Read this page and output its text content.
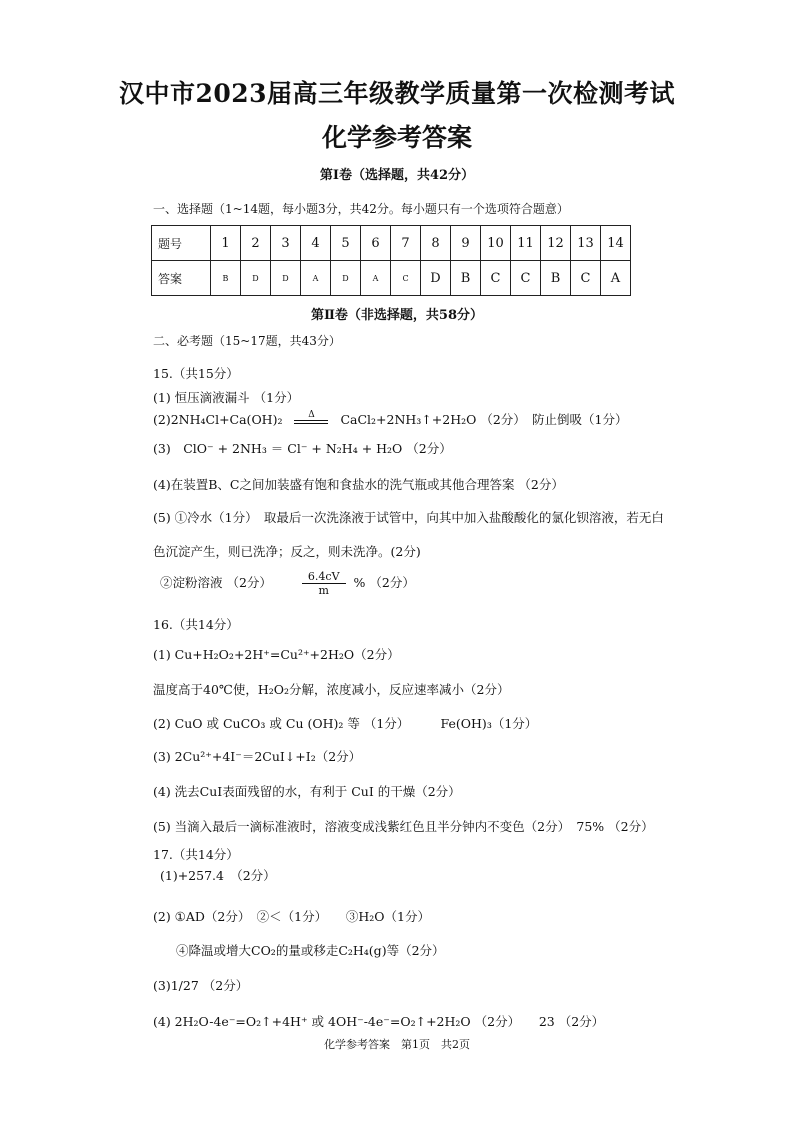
汉中市2023届高三年级教学质量第一次检测考试
化学参考答案
第Ⅰ卷（选择题，共42分）
一、选择题（1~14题，每小题3分，共42分。每小题只有一个选项符合题意）
题号	1	2	3	4	5	6	7	8	9	10	11	12	13	14
答案	B	D	D	A	D	A	C	D	B	C	C	B	C	A
第Ⅱ卷（非选择题，共58分）
二、必考题（15~17题，共43分）
15.（共15分）
(1) 恒压滴液漏斗 （1分）
(2)2NH₄Cl+Ca(OH)₂	Δ	CaCl₂+2NH₃↑+2H₂O （2分）　防止倒吸（1分）
(3)　ClO⁻ + 2NH₃ ＝ Cl⁻ + N₂H₄ + H₂O （2分）
(4)在装置B、C之间加装盛有饱和食盐水的洗气瓶或其他合理答案 （2分）
(5) ①冷水（1分）　取最后一次洗涤液于试管中，向其中加入盐酸酸化的氯化钡溶液，若无白
色沉淀产生，则已洗净；反之，则未洗净。(2分)
②淀粉溶液 （2分）	$\frac{6.4cV}{m}$ % （2分）
16.（共14分）
(1) Cu+H₂O₂+2H⁺=Cu²⁺+2H₂O（2分）
温度高于40℃使，H₂O₂分解，浓度减小，反应速率减小（2分）
(2) CuO 或 CuCO₃ 或 Cu (OH)₂ 等 （1分）　　　Fe(OH)₃（1分）
(3) 2Cu²⁺+4I⁻＝2CuI↓+I₂（2分）
(4) 洗去CuI表面残留的水，有利于 CuI 的干燥（2分）
(5) 当滴入最后一滴标准液时，溶液变成浅紫红色且半分钟内不变色（2分）　75% （2分）
17.（共14分）
(1)+257.4　（2分）
(2) ①AD（2分）　②＜（1分）　　③H₂O（1分）
④降温或增大CO₂的量或移走C₂H₄(g)等（2分）
(3)1/27 （2分）
(4) 2H₂O-4e⁻=O₂↑+4H⁺ 或 4OH⁻-4e⁻=O₂↑+2H₂O （2分）　　23 （2分）
化学参考答案　第1页　共2页
